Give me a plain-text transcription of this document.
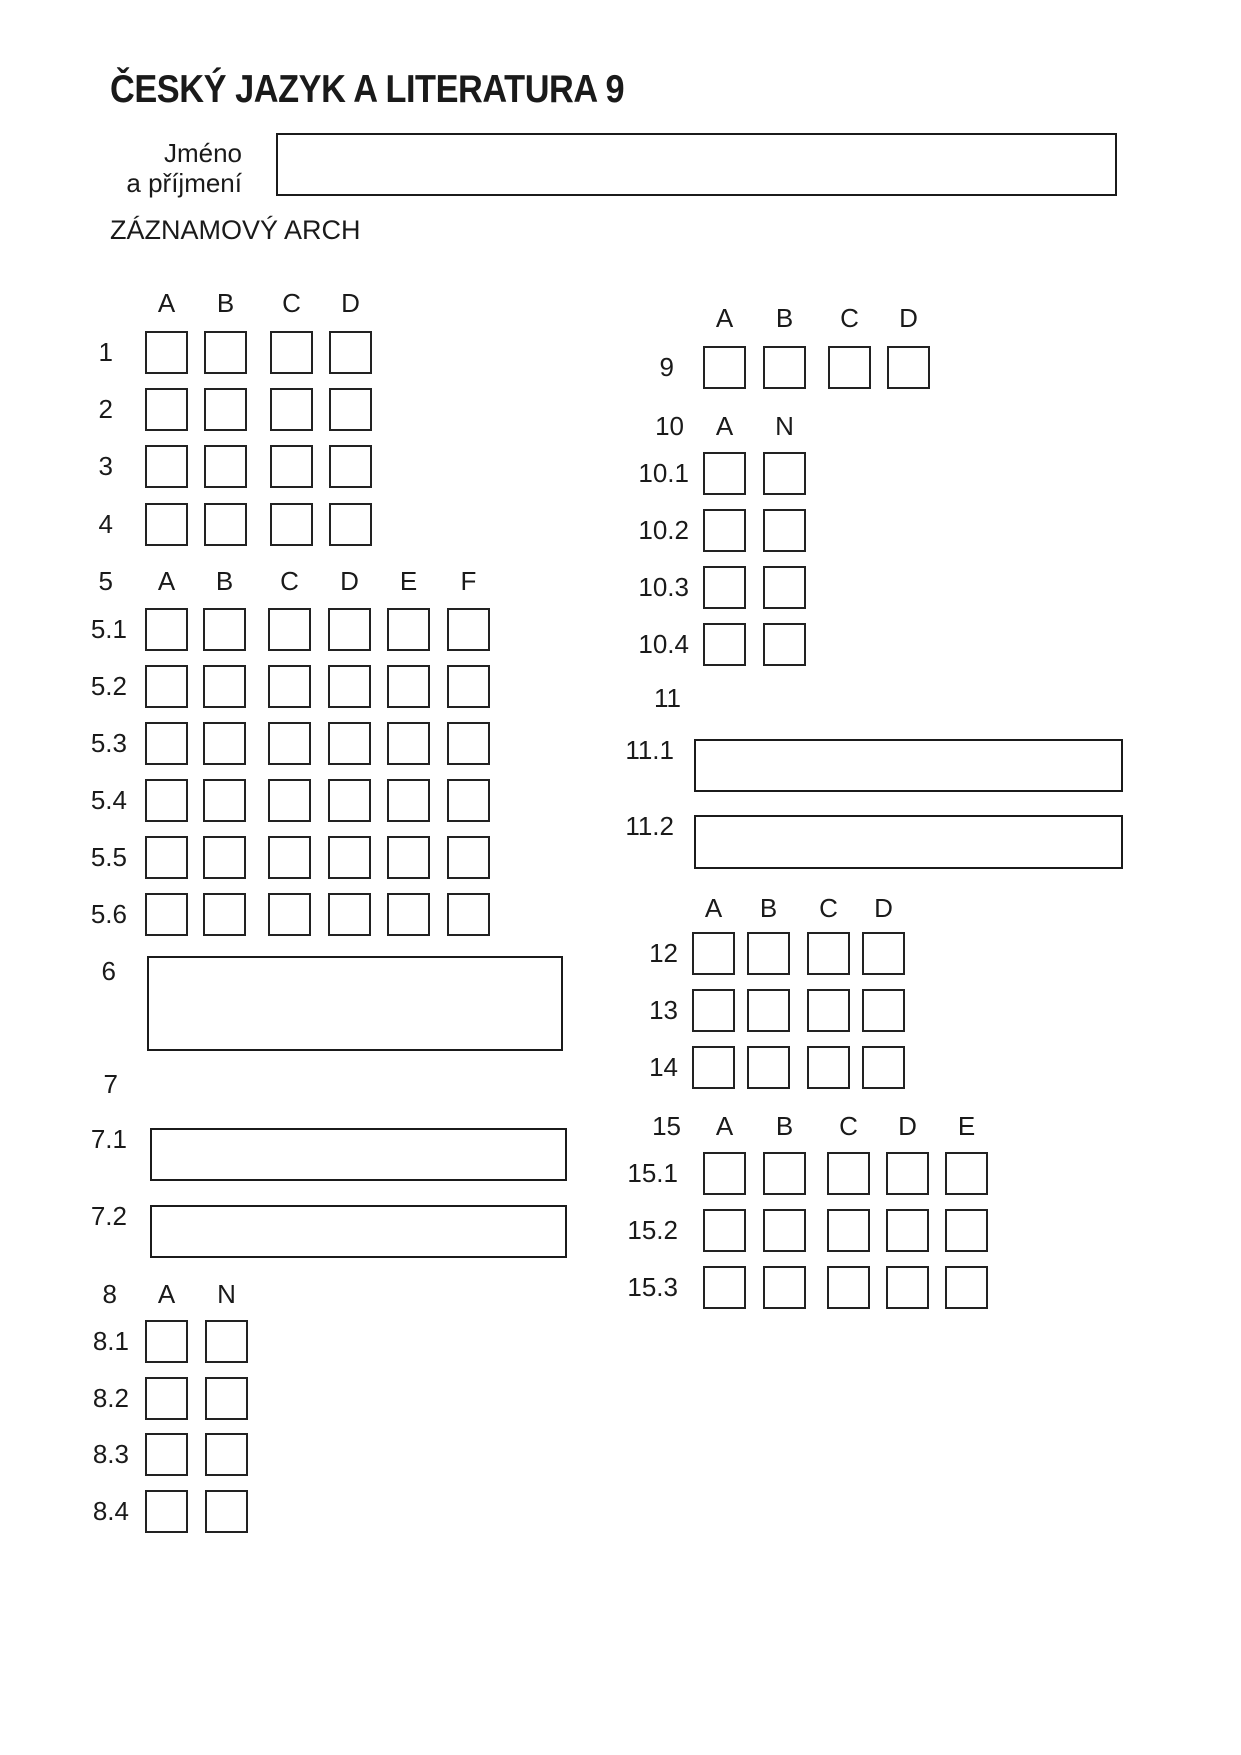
ČESKÝ JAZYK A LITERATURA 9
Jméno
a příjmení
ZÁZNAMOVÝ ARCH
A	B	C	D
1
2
3
4
5	A	B	C	D	E	F
5.1
5.2
5.3
5.4
5.5
5.6
6
7
7.1
7.2
8	A	N
8.1
8.2
8.3
8.4
A	B	C	D
9
10	A	N
10.1
10.2
10.3
10.4
11
11.1
11.2
A	B	C	D
12
13
14
15	A	B	C	D	E
15.1
15.2
15.3
